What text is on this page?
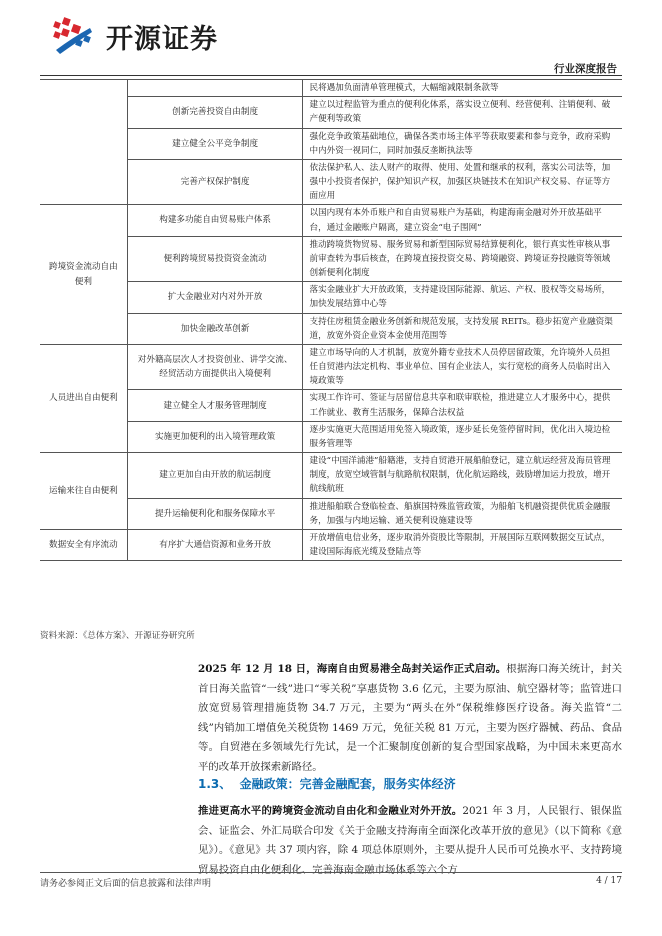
开源证券
行业深度报告
		民将遇加负面清单管理模式，大幅缩减限制条款等
	创新完善投资自由制度	建立以过程监管为重点的便利化体系，落实设立便利、经营便利、注销便利、破产便利等政策
	建立健全公平竞争制度	强化竞争政策基础地位，确保各类市场主体平等获取要素和参与竞争，政府采购中内外资一视同仁，同时加强反垄断执法等
	完善产权保护制度	依法保护私人、法人财产的取得、使用、处置和继承的权利，落实公司法等，加强中小投资者保护，保护知识产权，加强区块链技术在知识产权交易、存证等方面应用
跨境资金流动自由便利	构建多功能自由贸易账户体系	以国内现有本外币账户和自由贸易账户为基础，构建海南金融对外开放基础平台，通过金融账户隔离，建立资金“电子围网”
	便利跨境贸易投资资金流动	推动跨境货物贸易、服务贸易和新型国际贸易结算便利化，银行真实性审核从事前审查转为事后核查，在跨境直接投资交易、跨境融资、跨境证券投融资等领域创新便利化制度
	扩大金融业对内对外开放	落实金融业扩大开放政策，支持建设国际能源、航运、产权、股权等交易场所，加快发展结算中心等
	加快金融改革创新	支持住房租赁金融业务创新和规范发展，支持发展 REITs。稳步拓宽产业融资渠道，放宽外资企业资本金使用范围等
人员进出自由便利	对外籍高层次人才投资创业、讲学交流、经贸活动方面提供出入境便利	建立市场导向的人才机制，放宽外籍专业技术人员停居留政策，允许境外人员担任自贸港内法定机构、事业单位、国有企业法人，实行宽松的商务人员临时出入境政策等
	建立健全人才服务管理制度	实现工作许可、签证与居留信息共享和联审联检，推进建立人才服务中心，提供工作就业、教育生活服务，保障合法权益
	实施更加便利的出入境管理政策	逐步实施更大范围适用免签入境政策，逐步延长免签停留时间，优化出入境边检服务管理等
运输来往自由便利	建立更加自由开放的航运制度	建设“中国洋浦港”船籍港，支持自贸港开展船舶登记，建立航运经营及海员管理制度，放宽空域管制与航路航权限制，优化航运路线，鼓励增加运力投放，增开航线航班
	提升运输便利化和服务保障水平	推进船舶联合登临检查、船旗国特殊监管政策，为船舶飞机融资提供优质金融服务，加强与内地运输、通关便利设施建设等
数据安全有序流动	有序扩大通信资源和业务开放	开放增值电信业务，逐步取消外资股比等限制，开展国际互联网数据交互试点，建设国际海底光缆及登陆点等
资料来源：《总体方案》、开源证券研究所
2025 年 12 月 18 日，海南自由贸易港全岛封关运作正式启动。根据海口海关统计，封关首日海关监管“一线”进口“零关税”享惠货物 3.6 亿元，主要为原油、航空器材等；监管进口放宽贸易管理措施货物 34.7 万元，主要为“两头在外”保税维修医疗设备。海关监管“二线”内销加工增值免关税货物 1469 万元，免征关税 81 万元，主要为医疗器械、药品、食品等。自贸港在多领域先行先试，是一个汇聚制度创新的复合型国家战略，为中国未来更高水平的改革开放探索新路径。
1.3、 金融政策：完善金融配套，服务实体经济
推进更高水平的跨境资金流动自由化和金融业对外开放。2021 年 3 月，人民银行、银保监会、证监会、外汇局联合印发《关于金融支持海南全面深化改革开放的意见》（以下简称《意见》）。《意见》共 37 项内容，除 4 项总体原则外，主要从提升人民币可兑换水平、支持跨境贸易投资自由化便利化、完善海南金融市场体系等六个方
请务必参阅正文后面的信息披露和法律声明	4 / 17
